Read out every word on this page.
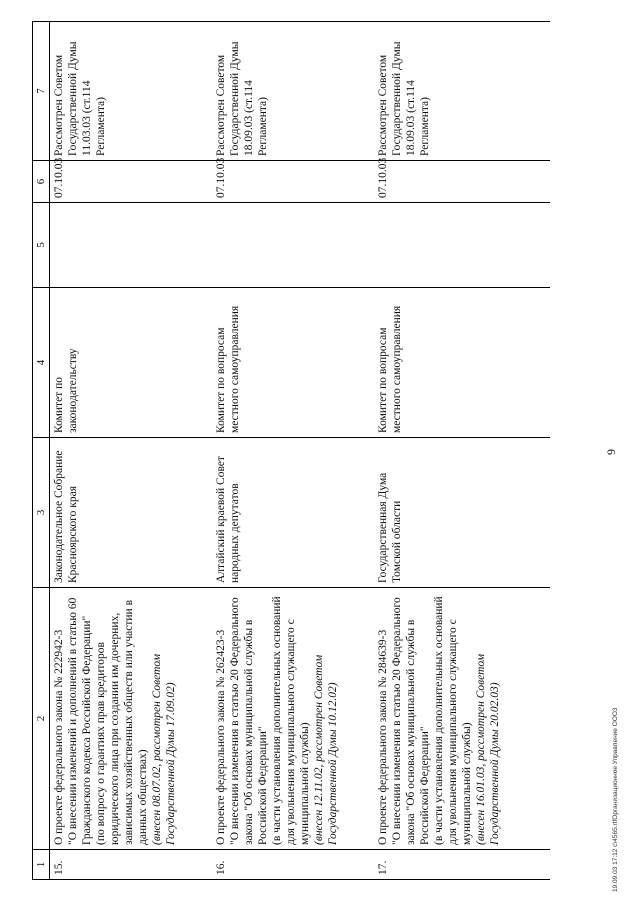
1	2	3	4	5	6	7
15.	О проекте федерального закона № 222942-3 "О внесении изменений и дополнений в статью 60 Гражданского кодекса Российской Федерации" (по вопросу о гарантиях прав кредиторов юридического лица при создании им дочерних, зависимых хозяйственных обществ или участии в данных обществах) (внесен 08.07.02, рассмотрен Советом Государственной Думы 17.09.02)	Законодательное Собрание Красноярского края	Комитет по законодательству		07.10.03	Рассмотрен Советом Государственной Думы 11.03.03 (ст.114 Регламента)
16.	О проекте федерального закона № 262423-3 "О внесении изменения в статью 20 Федерального закона "Об основах муниципальной службы в Российской Федерации" (в части установления дополнительных оснований для увольнения муниципального служащего с муниципальной службы) (внесен 12.11.02, рассмотрен Советом Государственной Думы 10.12.02)	Алтайский краевой Совет народных депутатов	Комитет по вопросам местного самоуправления		07.10.03	Рассмотрен Советом Государственной Думы 18.09.03 (ст.114 Регламента)
17.	О проекте федерального закона № 284639-3 "О внесении изменения в статью 20 Федерального закона "Об основах муниципальной службы в Российской Федерации" (в части установления дополнительных оснований для увольнения муниципального служащего с муниципальной службы) (внесен 16.01.03, рассмотрен Советом Государственной Думы 20.02.03)	Государственная Дума Томской области	Комитет по вопросам местного самоуправления		07.10.03	Рассмотрен Советом Государственной Думы 18.09.03 (ст.114 Регламента)
9
19.09.03 17:12 c\4565.rtfОрганизационное Управление ООО3
